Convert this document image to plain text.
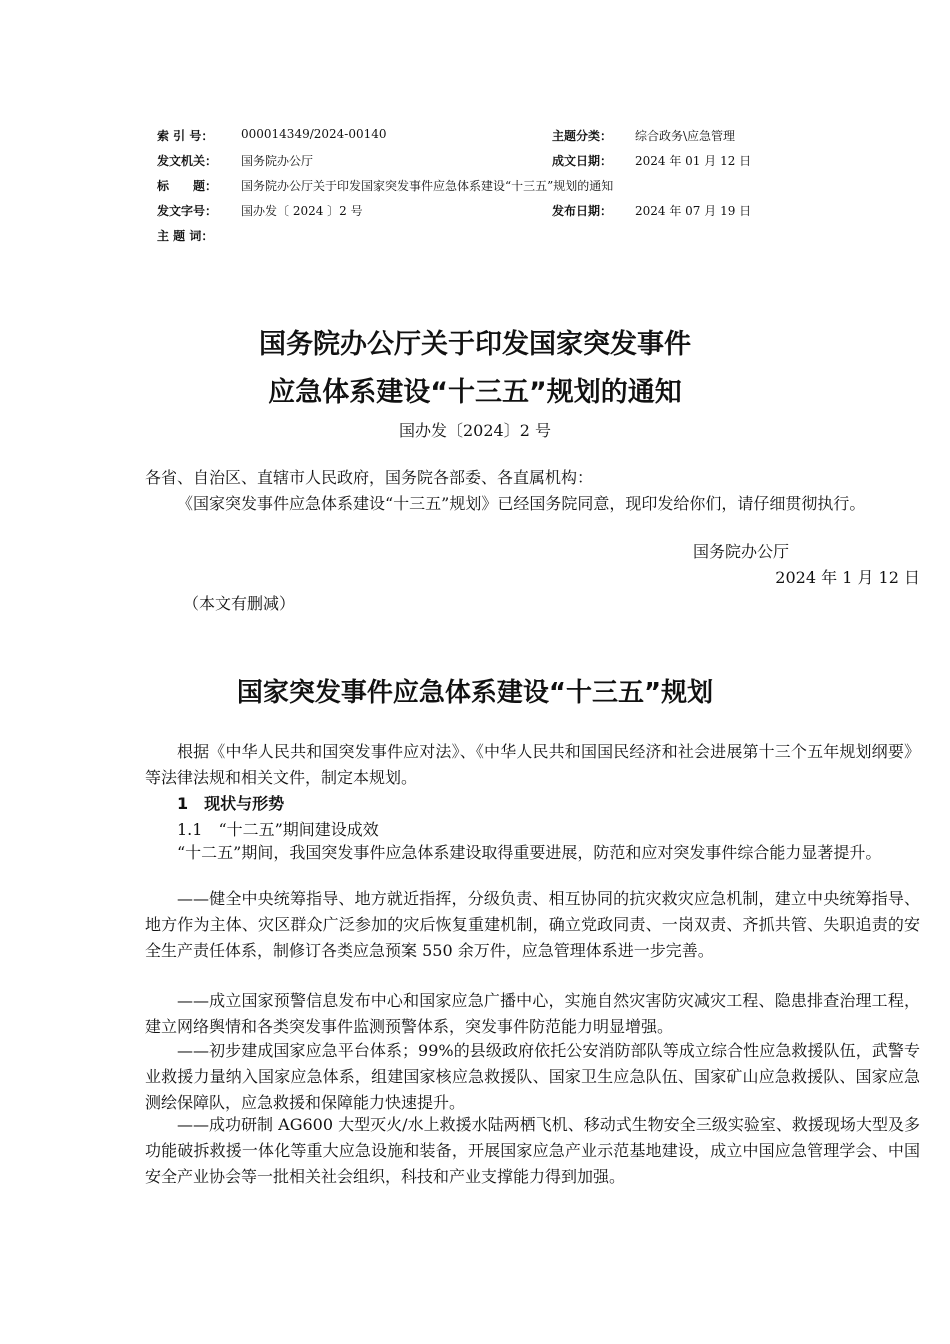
索 引 号： 000014349/2024-00140	主题分类： 综合政务\应急管理
发文机关： 国务院办公厅	成文日期： 2024 年 01 月 12 日
标　　题： 国务院办公厅关于印发国家突发事件应急体系建设“十三五”规划的通知
发文字号： 国办发〔 2024 〕2 号	发布日期： 2024 年 07 月 19 日
主 题 词：
国务院办公厅关于印发国家突发事件
应急体系建设“十三五”规划的通知
国办发〔2024〕2 号
各省、自治区、直辖市人民政府，国务院各部委、各直属机构：
《国家突发事件应急体系建设“十三五”规划》已经国务院同意，现印发给你们，请仔细贯彻执行。
国务院办公厅
2024 年 1 月 12 日
（本文有删减）
国家突发事件应急体系建设“十三五”规划
根据《中华人民共和国突发事件应对法》、《中华人民共和国国民经济和社会进展第十三个五年规划纲要》等法律法规和相关文件，制定本规划。
1　现状与形势
1.1　“十二五”期间建设成效
“十二五”期间，我国突发事件应急体系建设取得重要进展，防范和应对突发事件综合能力显著提升。
——健全中央统筹指导、地方就近指挥，分级负责、相互协同的抗灾救灾应急机制，建立中央统筹指导、地方作为主体、灾区群众广泛参加的灾后恢复重建机制，确立党政同责、一岗双责、齐抓共管、失职追责的安全生产责任体系，制修订各类应急预案 550 余万件，应急管理体系进一步完善。
——成立国家预警信息发布中心和国家应急广播中心，实施自然灾害防灾减灾工程、隐患排查治理工程，建立网络舆情和各类突发事件监测预警体系，突发事件防范能力明显增强。
——初步建成国家应急平台体系；99%的县级政府依托公安消防部队等成立综合性应急救援队伍，武警专业救援力量纳入国家应急体系，组建国家核应急救援队、国家卫生应急队伍、国家矿山应急救援队、国家应急测绘保障队，应急救援和保障能力快速提升。
——成功研制 AG600 大型灭火/水上救援水陆两栖飞机、移动式生物安全三级实验室、救援现场大型及多功能破拆救援一体化等重大应急设施和装备，开展国家应急产业示范基地建设，成立中国应急管理学会、中国安全产业协会等一批相关社会组织，科技和产业支撑能力得到加强。
